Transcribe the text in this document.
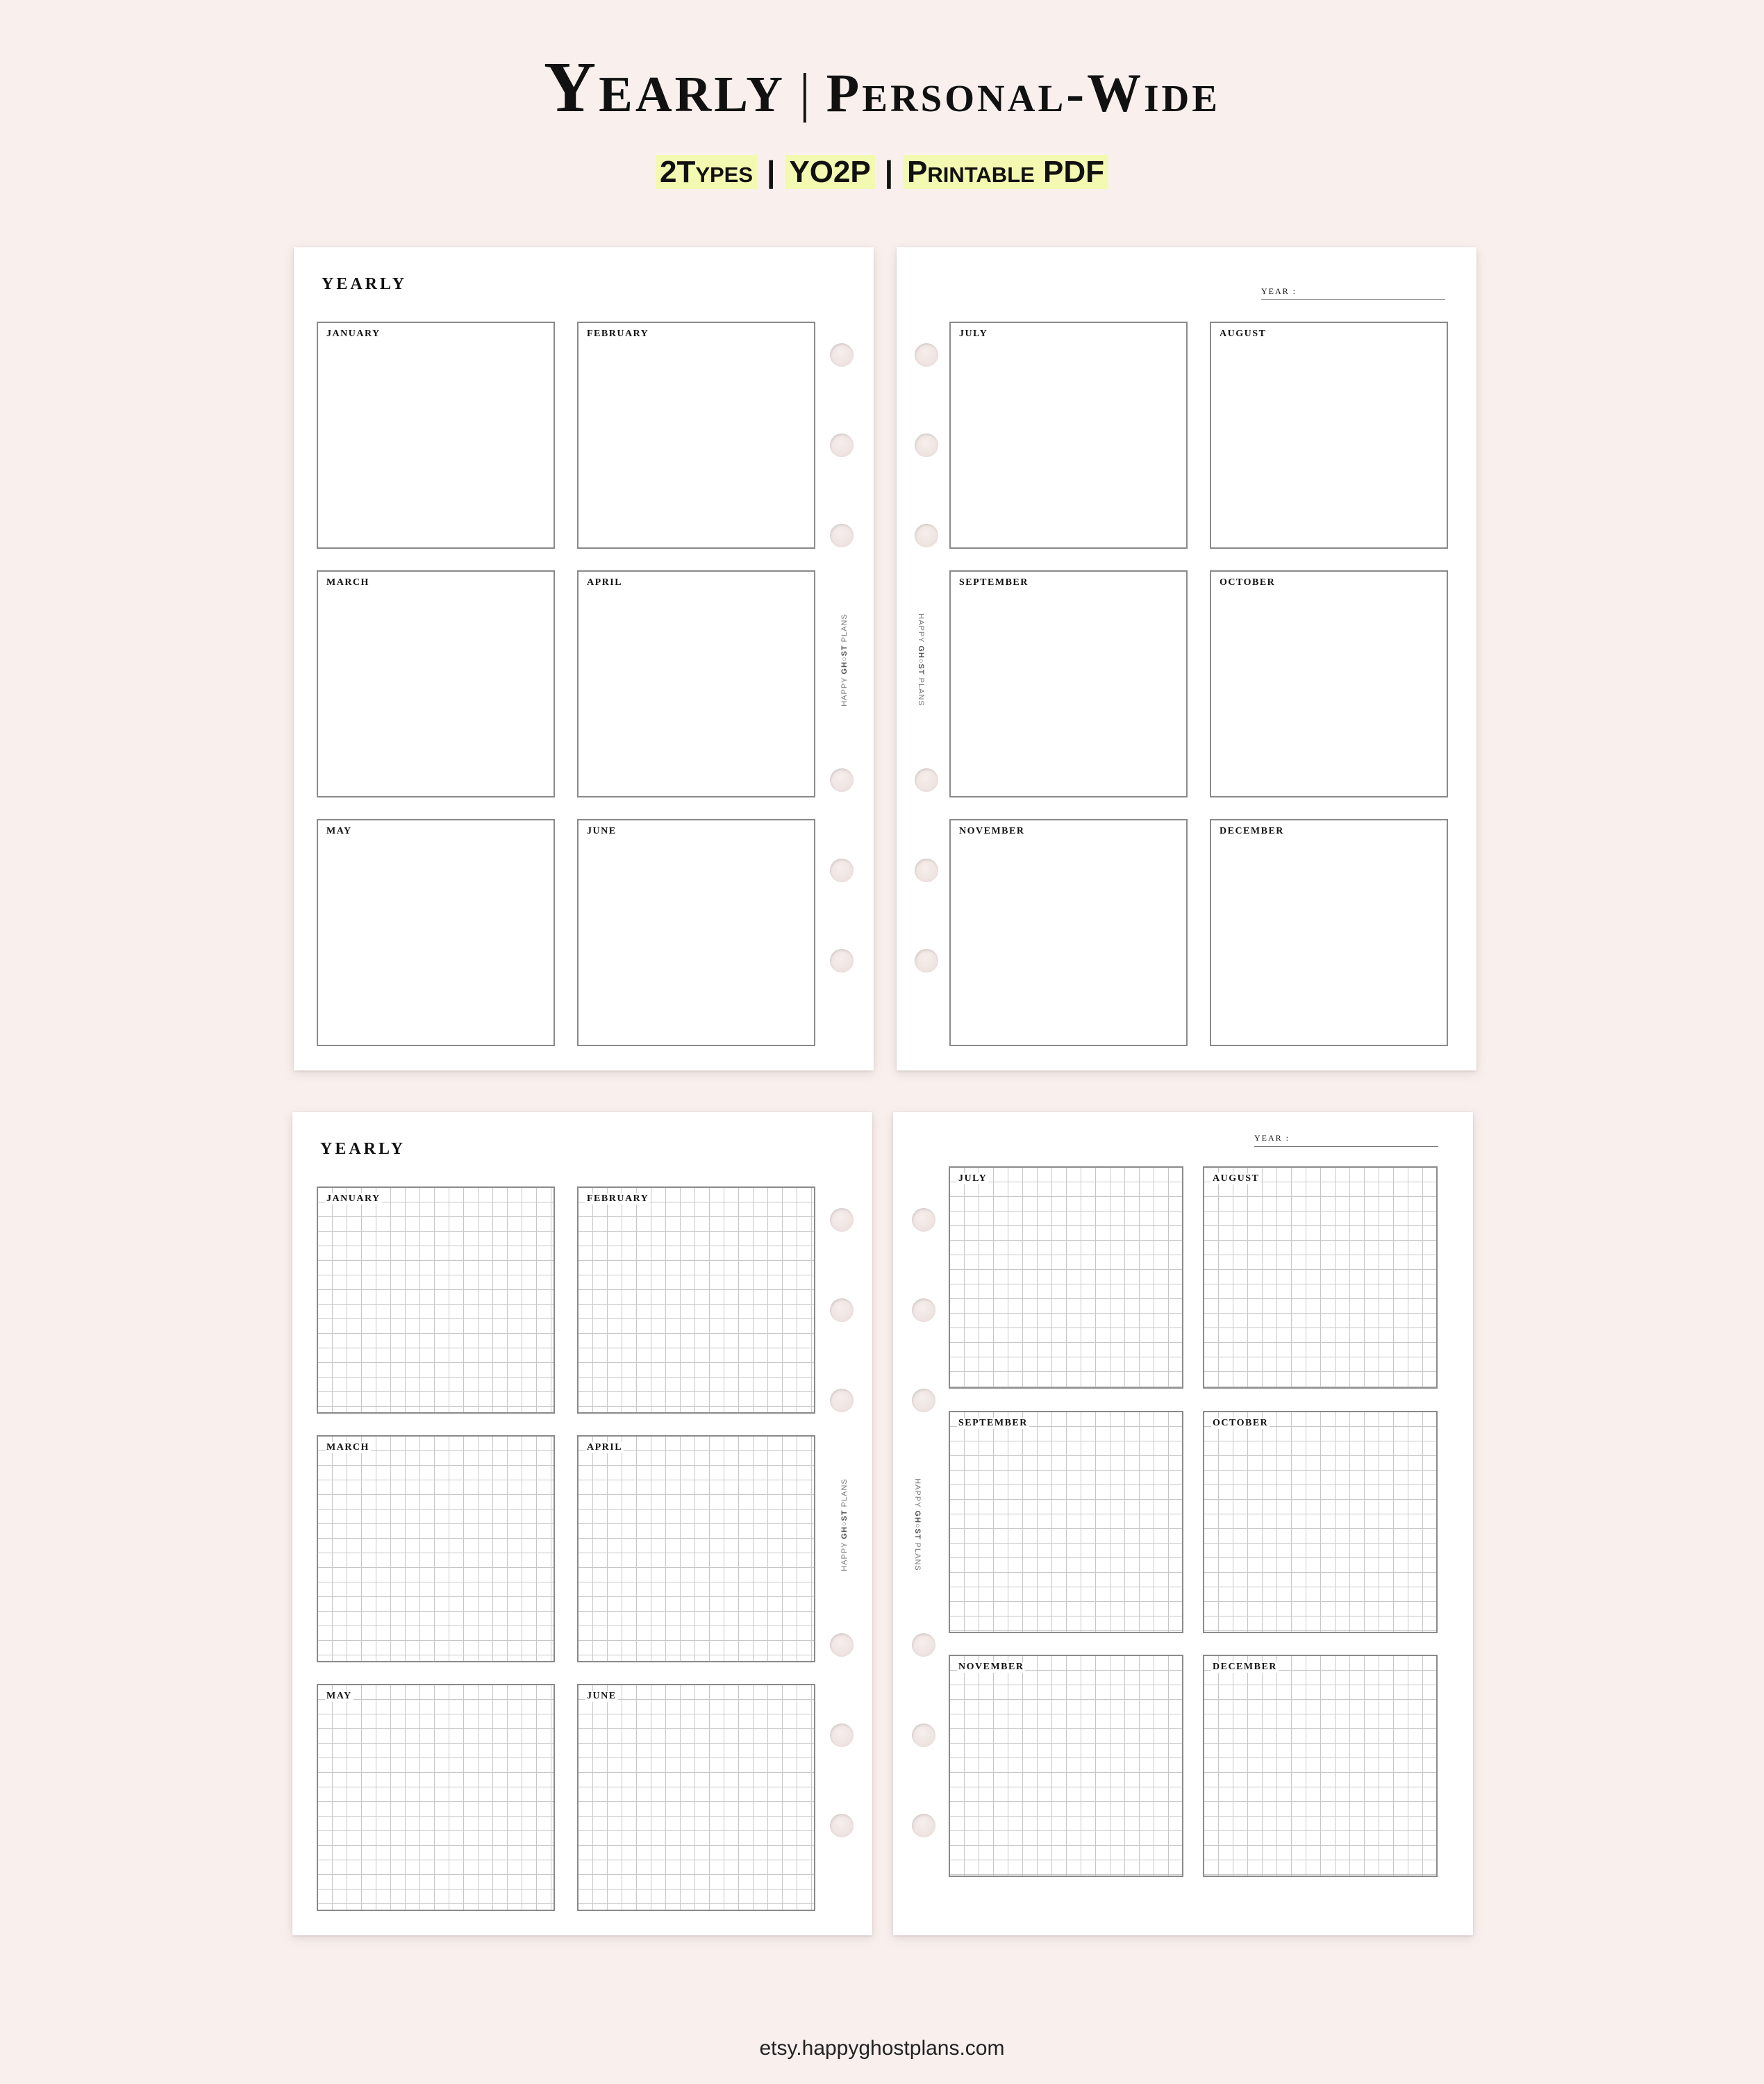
Yearly | Personal-Wide
2Types | YO2P | Printable PDF
YEARLY
JANUARY	FEBRUARY
MARCH	APRIL
MAY	JUNE
HAPPY GH○ST PLANS
YEAR :
JULY	AUGUST
SEPTEMBER	OCTOBER
NOVEMBER	DECEMBER
HAPPY GH○ST PLANS
YEARLY
JANUARY	FEBRUARY
MARCH	APRIL
MAY	JUNE
HAPPY GH○ST PLANS
YEAR :
JULY	AUGUST
SEPTEMBER	OCTOBER
NOVEMBER	DECEMBER
HAPPY GH○ST PLANS
etsy.happyghostplans.com
